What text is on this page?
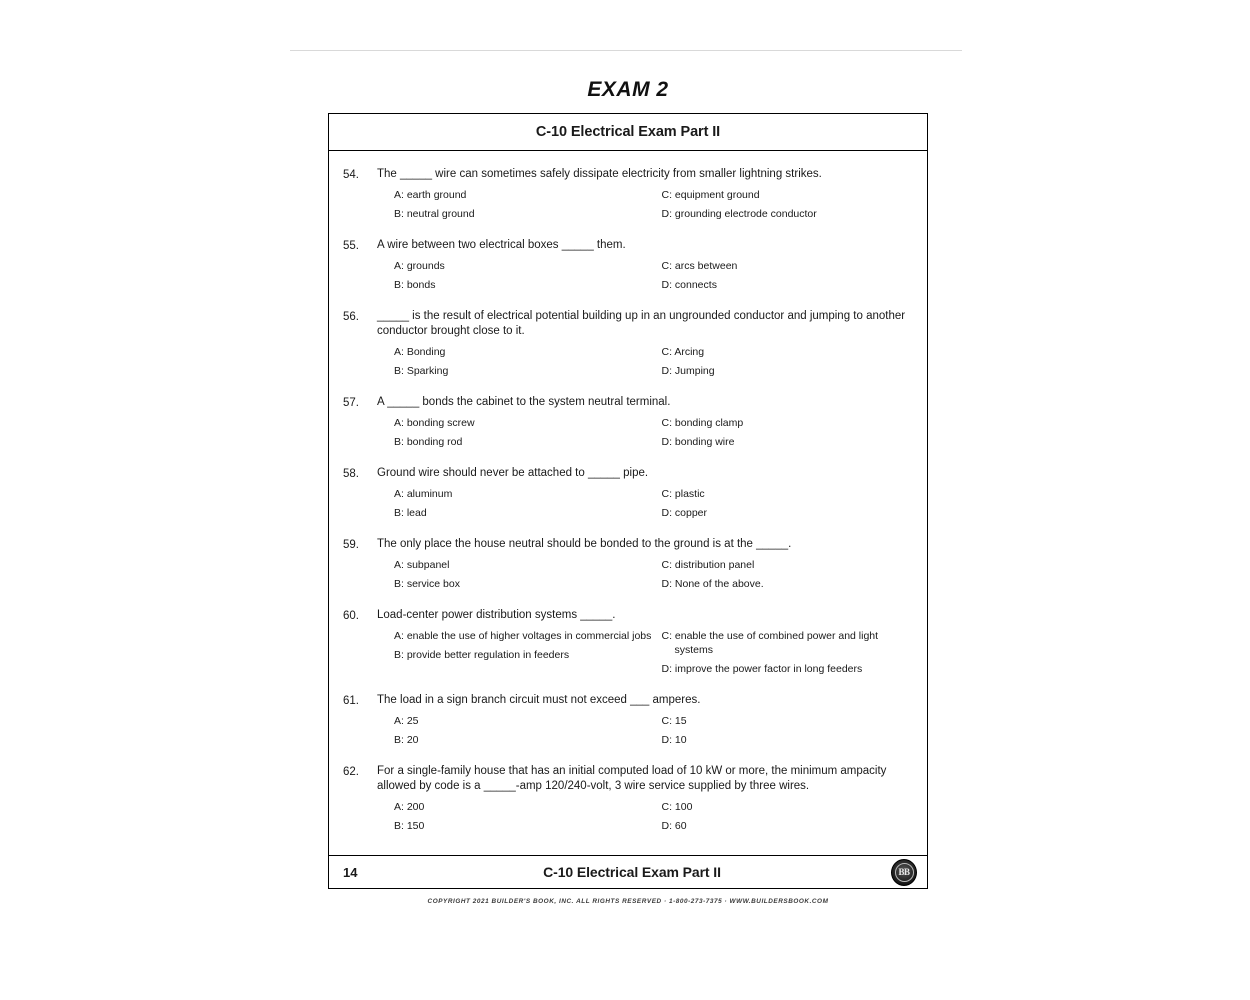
EXAM 2
C-10 Electrical Exam Part II
54.	The _____ wire can sometimes safely dissipate electricity from smaller lightning strikes.
A: earth ground
B: neutral ground
C: equipment ground
D: grounding electrode conductor
55.	A wire between two electrical boxes _____ them.
A: grounds
B: bonds
C: arcs between
D: connects
56.	_____ is the result of electrical potential building up in an ungrounded conductor and jumping to another conductor brought close to it.
A: Bonding
B: Sparking
C: Arcing
D: Jumping
57.	A _____ bonds the cabinet to the system neutral terminal.
A: bonding screw
B: bonding rod
C: bonding clamp
D: bonding wire
58.	Ground wire should never be attached to _____ pipe.
A: aluminum
B: lead
C: plastic
D: copper
59.	The only place the house neutral should be bonded to the ground is at the _____.
A: subpanel
B: service box
C: distribution panel
D: None of the above.
60.	Load-center power distribution systems _____.
A: enable the use of higher voltages in commercial jobs
B: provide better regulation in feeders
C: enable the use of combined power and light systems
D: improve the power factor in long feeders
61.	The load in a sign branch circuit must not exceed ___ amperes.
A: 25
B: 20
C: 15
D: 10
62.	For a single-family house that has an initial computed load of 10 kW or more, the minimum ampacity allowed by code is a _____-amp 120/240-volt, 3 wire service supplied by three wires.
A: 200
B: 150
C: 100
D: 60
14	C-10 Electrical Exam Part II	BB
COPYRIGHT 2021 BUILDER'S BOOK, INC. ALL RIGHTS RESERVED · 1-800-273-7375 · WWW.BUILDERSBOOK.COM
